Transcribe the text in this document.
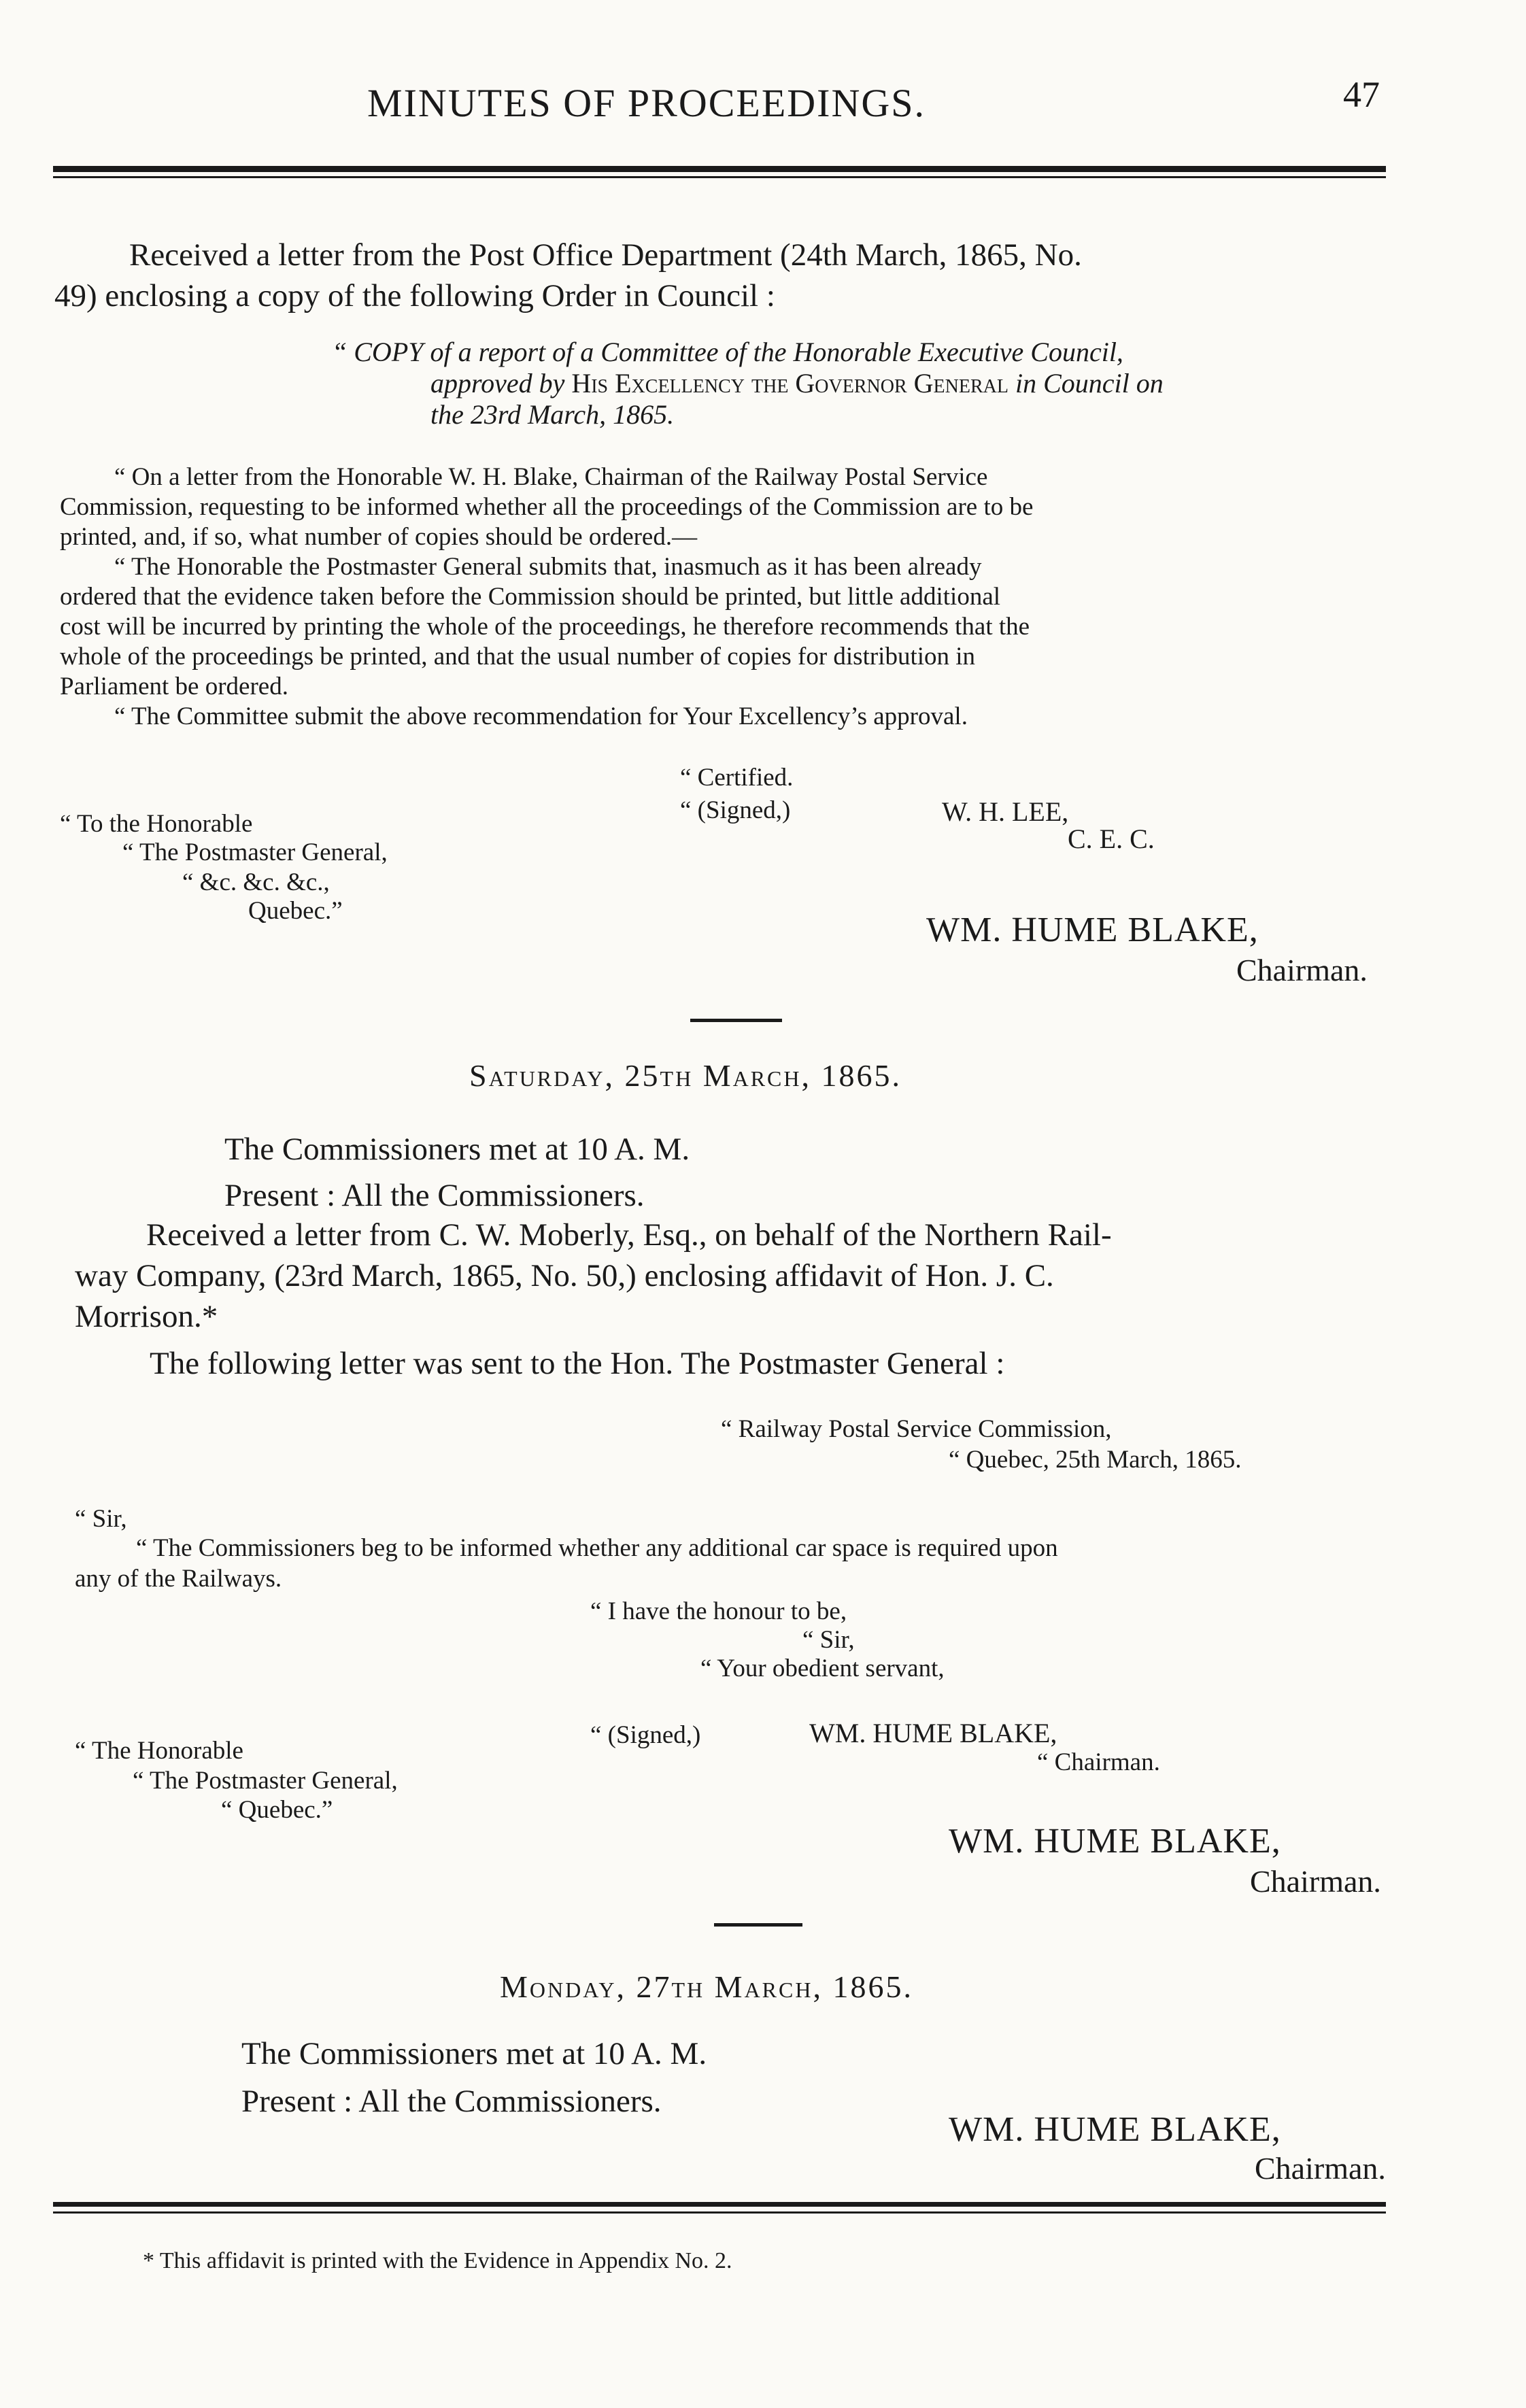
MINUTES OF PROCEEDINGS.	47
Received a letter from the Post Office Department (24th March, 1865, No.
49) enclosing a copy of the following Order in Council :
“ COPY of a report of a Committee of the Honorable Executive Council,
approved by His Excellency the Governor General in Council on
the 23rd March, 1865.
“ On a letter from the Honorable W. H. Blake, Chairman of the Railway Postal Service
Commission, requesting to be informed whether all the proceedings of the Commission are to be
printed, and, if so, what number of copies should be ordered.—
“ The Honorable the Postmaster General submits that, inasmuch as it has been already
ordered that the evidence taken before the Commission should be printed, but little additional
cost will be incurred by printing the whole of the proceedings, he therefore recommends that the
whole of the proceedings be printed, and that the usual number of copies for distribution in
Parliament be ordered.
“ The Committee submit the above recommendation for Your Excellency’s approval.
“ Certified.
“ (Signed,)	W. H. LEE,
C. E. C.
“ To the Honorable
“ The Postmaster General,
“ &c. &c. &c.,
Quebec.”	WM. HUME BLAKE,
Chairman.
Saturday, 25th March, 1865.
The Commissioners met at 10 A. M.
Present : All the Commissioners.
Received a letter from C. W. Moberly, Esq., on behalf of the Northern Rail-
way Company, (23rd March, 1865, No. 50,) enclosing affidavit of Hon. J. C.
Morrison.*
The following letter was sent to the Hon. The Postmaster General :
“ Railway Postal Service Commission,
“ Quebec, 25th March, 1865.
“ Sir,
“ The Commissioners beg to be informed whether any additional car space is required upon
any of the Railways.
“ I have the honour to be,
“ Sir,
“ Your obedient servant,
“ (Signed,)	WM. HUME BLAKE,
“ Chairman.
“ The Honorable
“ The Postmaster General,
“ Quebec.”
WM. HUME BLAKE,
Chairman.
Monday, 27th March, 1865.
The Commissioners met at 10 A. M.
Present : All the Commissioners.
WM. HUME BLAKE,
Chairman.
* This affidavit is printed with the Evidence in Appendix No. 2.
